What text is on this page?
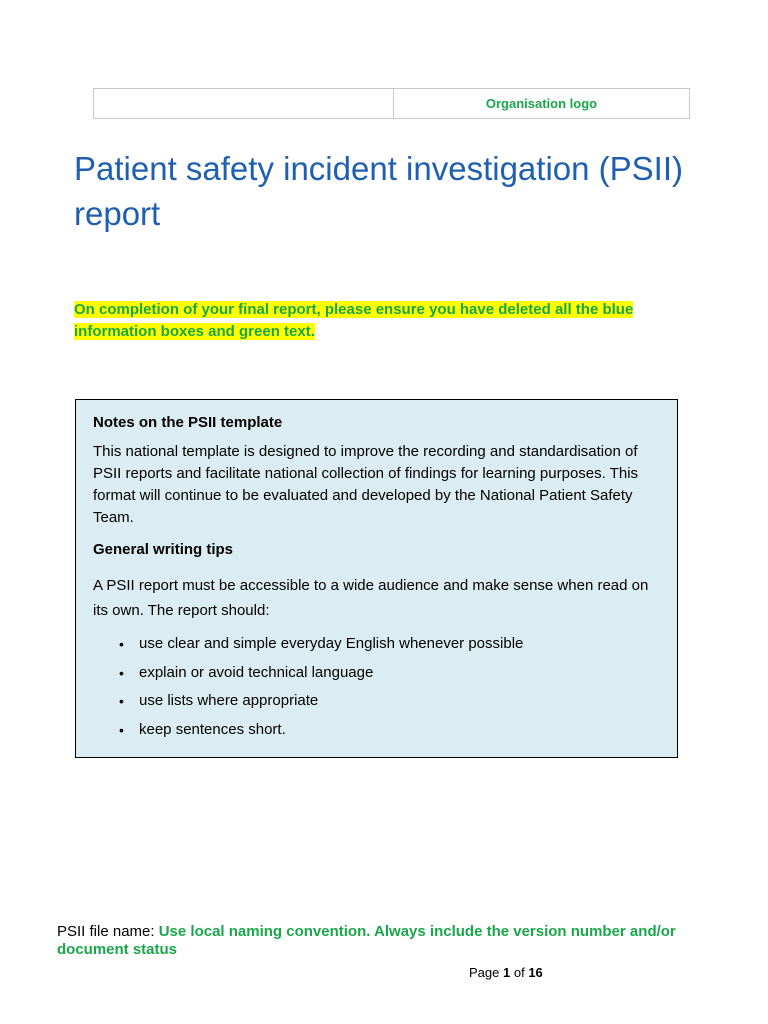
Organisation logo
Patient safety incident investigation (PSII) report

On completion of your final report, please ensure you have deleted all the blue information boxes and green text.

Notes on the PSII template

This national template is designed to improve the recording and standardisation of PSII reports and facilitate national collection of findings for learning purposes. This format will continue to be evaluated and developed by the National Patient Safety Team.

General writing tips

A PSII report must be accessible to a wide audience and make sense when read on its own. The report should:

• use clear and simple everyday English whenever possible
• explain or avoid technical language
• use lists where appropriate
• keep sentences short.

PSII file name: Use local naming convention. Always include the version number and/or document status

Page 1 of 16
